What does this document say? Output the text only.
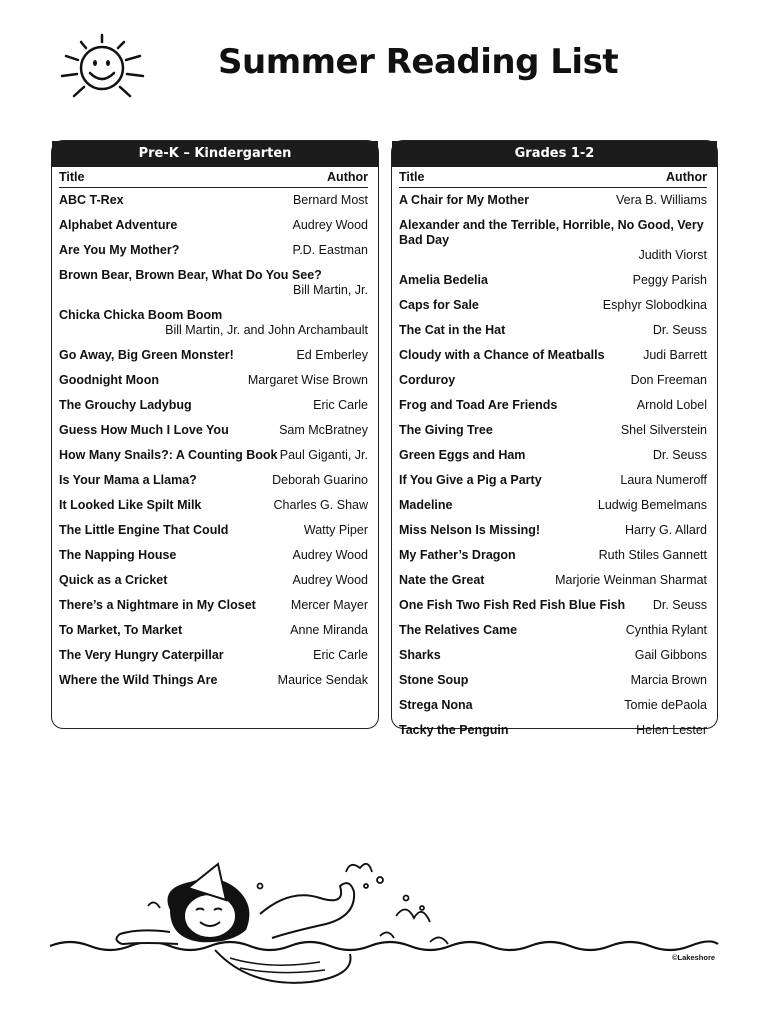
Summer Reading List
Pre-K – Kindergarten
Title	Author
ABC T-Rex	Bernard Most
Alphabet Adventure	Audrey Wood
Are You My Mother?	P.D. Eastman
Brown Bear, Brown Bear, What Do You See?
Bill Martin, Jr.
Chicka Chicka Boom Boom
Bill Martin, Jr. and John Archambault
Go Away, Big Green Monster!	Ed Emberley
Goodnight Moon	Margaret Wise Brown
The Grouchy Ladybug	Eric Carle
Guess How Much I Love You	Sam McBratney
How Many Snails?: A Counting Book Paul Giganti, Jr.
Is Your Mama a Llama?	Deborah Guarino
It Looked Like Spilt Milk	Charles G. Shaw
The Little Engine That Could	Watty Piper
The Napping House	Audrey Wood
Quick as a Cricket	Audrey Wood
There’s a Nightmare in My Closet	Mercer Mayer
To Market, To Market	Anne Miranda
The Very Hungry Caterpillar	Eric Carle
Where the Wild Things Are	Maurice Sendak
Grades 1-2
Title	Author
A Chair for My Mother	Vera B. Williams
Alexander and the Terrible, Horrible, No Good, Very Bad Day
Judith Viorst
Amelia Bedelia	Peggy Parish
Caps for Sale	Esphyr Slobodkina
The Cat in the Hat	Dr. Seuss
Cloudy with a Chance of Meatballs	Judi Barrett
Corduroy	Don Freeman
Frog and Toad Are Friends	Arnold Lobel
The Giving Tree	Shel Silverstein
Green Eggs and Ham	Dr. Seuss
If You Give a Pig a Party	Laura Numeroff
Madeline	Ludwig Bemelmans
Miss Nelson Is Missing!	Harry G. Allard
My Father’s Dragon	Ruth Stiles Gannett
Nate the Great	Marjorie Weinman Sharmat
One Fish Two Fish Red Fish Blue Fish Dr. Seuss
The Relatives Came	Cynthia Rylant
Sharks	Gail Gibbons
Stone Soup	Marcia Brown
Strega Nona	Tomie dePaola
Tacky the Penguin	Helen Lester
©Lakeshore
